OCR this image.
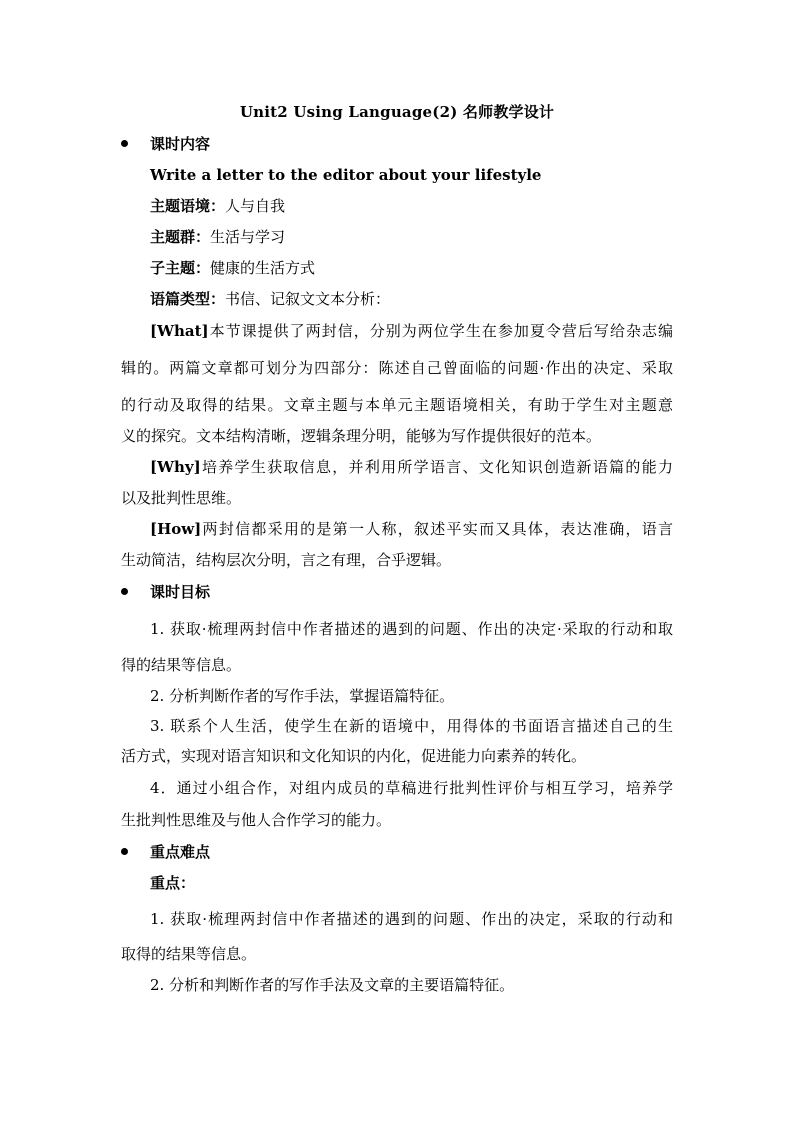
Unit2 Using Language(2) 名师教学设计
课时内容
Write a letter to the editor about your lifestyle
主题语境：人与自我
主题群：生活与学习
子主题：健康的生活方式
语篇类型：书信、记叙文文本分析：
[What]本节课提供了两封信，分别为两位学生在参加夏令营后写给杂志编
辑的。两篇文章都可划分为四部分：陈述自己曾面临的问题·作出的决定、采取
的行动及取得的结果。文章主题与本单元主题语境相关，有助于学生对主题意
义的探究。文本结构清晰，逻辑条理分明，能够为写作提供很好的范本。
[Why]培养学生获取信息，并利用所学语言、文化知识创造新语篇的能力
以及批判性思维。
[How]两封信都采用的是第一人称，叙述平实而又具体，表达准确，语言
生动简洁，结构层次分明，言之有理，合乎逻辑。
课时目标
1. 获取·梳理两封信中作者描述的遇到的问题、作出的决定·采取的行动和取
得的结果等信息。
2. 分析判断作者的写作手法，掌握语篇特征。
3. 联系个人生活，使学生在新的语境中，用得体的书面语言描述自己的生
活方式，实现对语言知识和文化知识的内化，促进能力向素养的转化。
4．通过小组合作，对组内成员的草稿进行批判性评价与相互学习，培养学
生批判性思维及与他人合作学习的能力。
重点难点
重点：
1. 获取·梳理两封信中作者描述的遇到的问题、作出的决定，采取的行动和
取得的结果等信息。
2. 分析和判断作者的写作手法及文章的主要语篇特征。
